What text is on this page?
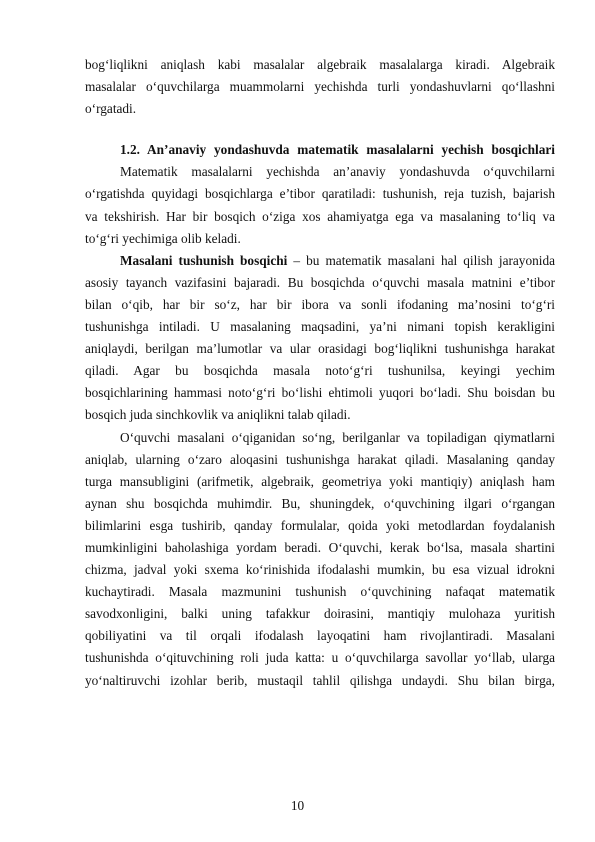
bog‘liqlikni aniqlash kabi masalalar algebraik masalalarga kiradi. Algebraik
masalalar o‘quvchilarga muammolarni yechishda turli yondashuvlarni qo‘llashni
o‘rgatadi.
1.2. An’anaviy yondashuvda matematik masalalarni yechish bosqichlari
Matematik masalalarni yechishda an’anaviy yondashuvda o‘quvchilarni
o‘rgatishda quyidagi bosqichlarga e’tibor qaratiladi: tushunish, reja tuzish, bajarish
va tekshirish. Har bir bosqich o‘ziga xos ahamiyatga ega va masalaning to‘liq va
to‘g‘ri yechimiga olib keladi.
Masalani tushunish bosqichi – bu matematik masalani hal qilish jarayonida
asosiy tayanch vazifasini bajaradi. Bu bosqichda o‘quvchi masala matnini e’tibor
bilan o‘qib, har bir so‘z, har bir ibora va sonli ifodaning ma’nosini to‘g‘ri
tushunishga intiladi. U masalaning maqsadini, ya’ni nimani topish kerakligini
aniqlaydi, berilgan ma’lumotlar va ular orasidagi bog‘liqlikni tushunishga harakat
qiladi. Agar bu bosqichda masala noto‘g‘ri tushunilsa, keyingi yechim
bosqichlarining hammasi noto‘g‘ri bo‘lishi ehtimoli yuqori bo‘ladi. Shu boisdan bu
bosqich juda sinchkovlik va aniqlikni talab qiladi.
O‘quvchi masalani o‘qiganidan so‘ng, berilganlar va topiladigan qiymatlarni
aniqlab, ularning o‘zaro aloqasini tushunishga harakat qiladi. Masalaning qanday
turga mansubligini (arifmetik, algebraik, geometriya yoki mantiqiy) aniqlash ham
aynan shu bosqichda muhimdir. Bu, shuningdek, o‘quvchining ilgari o‘rgangan
bilimlarini esga tushirib, qanday formulalar, qoida yoki metodlardan foydalanish
mumkinligini baholashiga yordam beradi. O‘quvchi, kerak bo‘lsa, masala shartini
chizma, jadval yoki sxema ko‘rinishida ifodalashi mumkin, bu esa vizual idrokni
kuchaytiradi. Masala mazmunini tushunish o‘quvchining nafaqat matematik
savodxonligini, balki uning tafakkur doirasini, mantiqiy mulohaza yuritish
qobiliyatini va til orqali ifodalash layoqatini ham rivojlantiradi. Masalani
tushunishda o‘qituvchining roli juda katta: u o‘quvchilarga savollar yo‘llab, ularga
yo‘naltiruvchi izohlar berib, mustaqil tahlil qilishga undaydi. Shu bilan birga,
10
